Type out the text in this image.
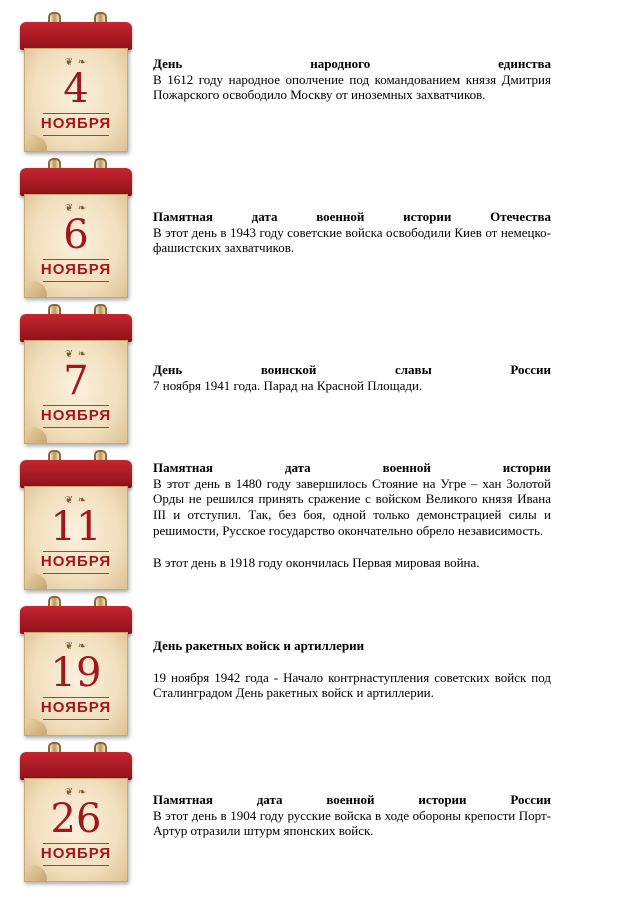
❦ ❧
4
НОЯБРЯ
День народного единства

В 1612 году народное ополчение под командованием князя Дмитрия Пожарского освободило Москву от иноземных захватчиков.

❦ ❧
6
НОЯБРЯ
Памятная дата военной истории Отечества

В этот день в 1943 году советские войска освободили Киев от немецко-фашистских захватчиков.

❦ ❧
7
НОЯБРЯ
День воинской славы России

7 ноября 1941 года. Парад на Красной Площади.

❦ ❧
11
НОЯБРЯ
Памятная дата военной истории

В этот день в 1480 году завершилось Стояние на Угре – хан Золотой Орды не решился принять сражение с войском Великого князя Ивана III и отступил. Так, без боя, одной только демонстрацией силы и решимости, Русское государство окончательно обрело независимость.

В этот день в 1918 году окончилась Первая мировая война.

❦ ❧
19
НОЯБРЯ
День ракетных войск и артиллерии

19 ноября 1942 года - Начало контрнаступления советских войск под Сталинградом День ракетных войск и артиллерии.

❦ ❧
26
НОЯБРЯ
Памятная дата военной истории России

В этот день в 1904 году русские войска в ходе обороны крепости Порт-Артур отразили штурм японских войск.
